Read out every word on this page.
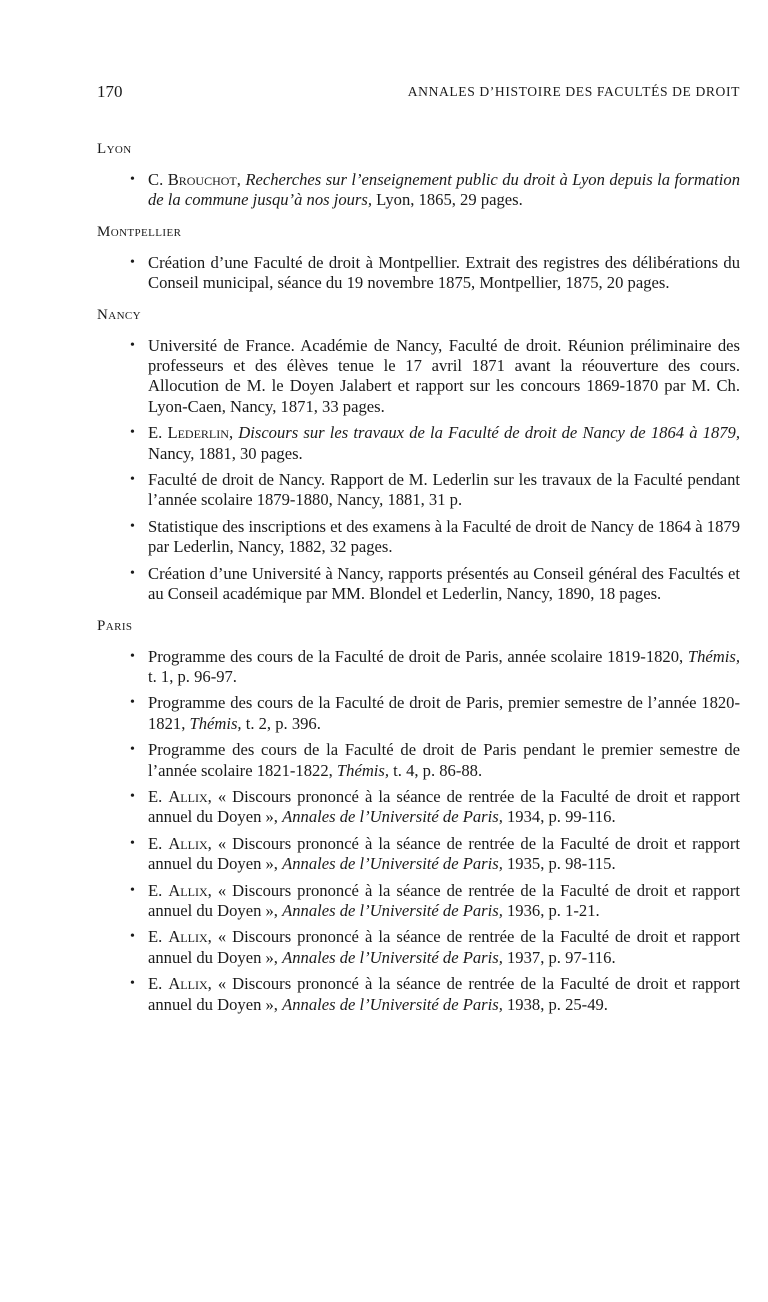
170	ANNALES D’HISTOIRE DES FACULTÉS DE DROIT
Lyon
• C. Brouchot, Recherches sur l’enseignement public du droit à Lyon depuis la formation de la commune jusqu’à nos jours, Lyon, 1865, 29 pages.
Montpellier
• Création d’une Faculté de droit à Montpellier. Extrait des registres des délibérations du Conseil municipal, séance du 19 novembre 1875, Montpellier, 1875, 20 pages.
Nancy
• Université de France. Académie de Nancy, Faculté de droit. Réunion préliminaire des professeurs et des élèves tenue le 17 avril 1871 avant la réouverture des cours. Allocution de M. le Doyen Jalabert et rapport sur les concours 1869-1870 par M. Ch. Lyon-Caen, Nancy, 1871, 33 pages.
• E. Lederlin, Discours sur les travaux de la Faculté de droit de Nancy de 1864 à 1879, Nancy, 1881, 30 pages.
• Faculté de droit de Nancy. Rapport de M. Lederlin sur les travaux de la Faculté pendant l’année scolaire 1879-1880, Nancy, 1881, 31 p.
• Statistique des inscriptions et des examens à la Faculté de droit de Nancy de 1864 à 1879 par Lederlin, Nancy, 1882, 32 pages.
• Création d’une Université à Nancy, rapports présentés au Conseil général des Facultés et au Conseil académique par MM. Blondel et Lederlin, Nancy, 1890, 18 pages.
Paris
• Programme des cours de la Faculté de droit de Paris, année scolaire 1819-1820, Thémis, t. 1, p. 96-97.
• Programme des cours de la Faculté de droit de Paris, premier semestre de l’année 1820-1821, Thémis, t. 2, p. 396.
• Programme des cours de la Faculté de droit de Paris pendant le premier semestre de l’année scolaire 1821-1822, Thémis, t. 4, p. 86-88.
• E. Allix, « Discours prononcé à la séance de rentrée de la Faculté de droit et rapport annuel du Doyen », Annales de l’Université de Paris, 1934, p. 99-116.
• E. Allix, « Discours prononcé à la séance de rentrée de la Faculté de droit et rapport annuel du Doyen », Annales de l’Université de Paris, 1935, p. 98-115.
• E. Allix, « Discours prononcé à la séance de rentrée de la Faculté de droit et rapport annuel du Doyen », Annales de l’Université de Paris, 1936, p. 1-21.
• E. Allix, « Discours prononcé à la séance de rentrée de la Faculté de droit et rapport annuel du Doyen », Annales de l’Université de Paris, 1937, p. 97-116.
• E. Allix, « Discours prononcé à la séance de rentrée de la Faculté de droit et rapport annuel du Doyen », Annales de l’Université de Paris, 1938, p. 25-49.
